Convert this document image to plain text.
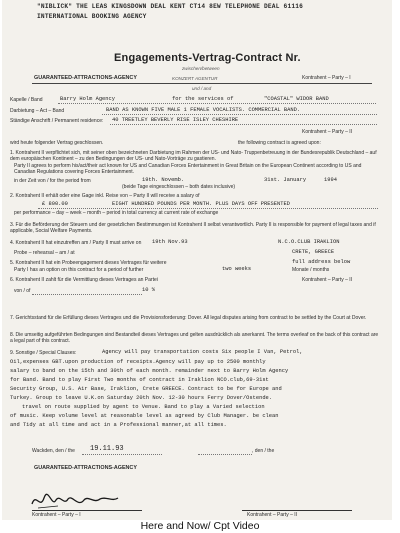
"NIBLICK" THE LEAS KINGSDOWN DEAL KENT CT14 8EW TELEPHONE DEAL 61116
INTERNATIONAL BOOKING AGENCY
Engagements-Vertrag-Contract Nr.
zwischen/between
GUARANTEED-ATTRACTIONS-AGENCY	KONZERT AGENTUR	Kontrahent – Party – I
und / and
Kapelle / Band	Barry Holm Agency	for the services of	"COASTAL" WIDOR BAND
Darbietung – Act – Band	BAND AS KNOWN FIVE MALE 1 FEMALE VOCALISTS. COMMERCIAL BAND.
Ständige Anschrift / Permanent residence: 40 TREETLEY BEVERLY RISE ISLEY CHESHIRE
Kontrahent – Party – II
wird heute folgender Vertrag geschlossen.	the following contract is agreed upon:
1. Kontrahent II verpflichtet sich, mit seiner oben bezeichneten Darbietung im Rahmen der US- und Nato- Truppenbetreuung in der Bundesrepublik Deutschland – auf dem europäischen Kontinent – zu den Bedingungen der US- und Nato-Vorträge zu gastieren.
Party II agrees to perform his/act/their act known for US and Canadian Forces Entertainment in Great Britain on the European Continent according to US and Canadian Regulations covering Forces Entertainment.
in der Zeit von / for the period from	19th. Novemb.	31st. January	1994
(beide Tage eingeschlossen – both dates inclusive)
2. Kontrahent II erhält oder eine Gage inkl. Reise von – Party II will receive a salary of
£ 800.00	EIGHT HUNDRED POUNDS PER MONTH. PLUS DAYS OFF PRESENTED
per performance – day – week – month – period in total currency at current rate of exchange
3. Für die Beförderung der Steuern und der gesetzlichen Bestimmungen ist Kontrahent II selbst verantwortlich. Party II is responsible for payment of legal taxes and if applicable, Social Welfare Payments.
4. Kontrahent II hat einzutreffen am / Party II must arrive on 19th Nov.93	N.C.O.CLUB IRAKLION
Probe – rehearsal – am / at	CRETE, GREECE
5. Kontrahent II hat ein Probeengagement dieses Vertrages für weitere	full address below
Party I has an option on this contract for a period of further	two weeks	Monate / months
6. Kontrahent II zahlt für die Vermittlung dieses Vertrages an Partei	Kontrahent – Party – II
von / of	10 %
7. Gerichtsstand für die Erfüllung dieses Vertrages und die Provisionsforderung: Dover. All legal disputes arising from contract to be settled by the Court at Dover.
8. Die umseitig aufgeführten Bedingungen sind Bestandteil dieses Vertrages und gelten ausdrücklich als anerkannt. The terms overleaf on the back of this contract are a legal part of this contract.
9. Sonstige / Special Clauses:	Agency will pay transportation costs Six people I Van, Petrol,
Oil,expenses GBT.upon production of receipts.Agency will pay up to 2500 monthly
salary to band on the 15th and 30th of each month. remainder next to Barry Holm Agency
for Band. Band to play First Two months of contract in Iraklion NCO.club,69-31st
Security Group, U.S. Air Base, Iraklion, Crete GREECE. Contract to be for Europe and
Turkey. Group to leave U.K.on Saturday 20th Nov. 12-30 hours Ferry Dover/Ostende.
travel on route supplied by agent to Venue. Band to play a Varied selection
of music. Keep volume level at reasonable level as agreed by Club Manager. be clean
and Tidy at all time and act in a Professional manner,at all times.
Wackden, den / the 19.11.93	, den / the
GUARANTEED-ATTRACTIONS-AGENCY
Kontrahent – Party – I	Kontrahent – Party – II
Here and Now/ Cpt Video
